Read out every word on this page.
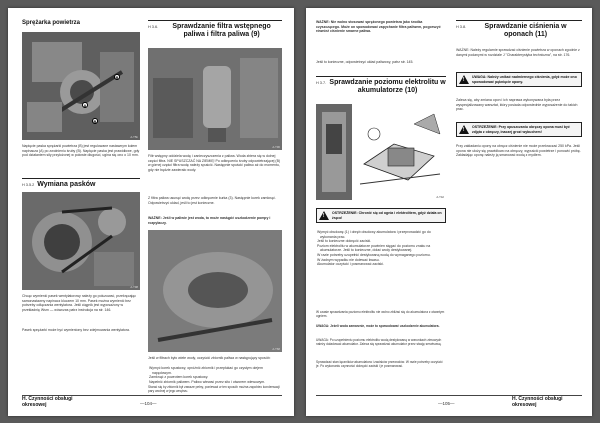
Sprężarka powietrza
B
A
B
A-T5b
Napięcie paska sprężarki powietrza (B) jest regulowane nastawnym kołem napinacza (A) po zwolnieniu śruby (B). Napięcie paska jest prawidłowe, gdy pod działaniem siły przyłożonej w połowie długości, ugina się ono o 10 mm.
H 3.5.2 Wymiana pasków
A-T98
Chcąc wymienić pasek wentylatorowy należy go poluzować, przekręcając samonastawny napinacz kluczem 10 mm. Pasek można wymienić bez potrzeby odłączania wentylatora. Jeśli ciągnik jest wyposażony w przekładnię Wsm — wówczas patrz instrukcja na str. 146.
Pasek sprężarki może być wymieniony bez zdejmowania wentylatora.
H 3.6.	Sprawdzanie filtra wstępnego paliwa i filtra paliwa (9)
A-T96
Filtr wstępny oddziela wodę i zanieczyszczenia z paliwa. Woda zbiera się w dolnej części filtra. NIE SPUSZCZAĆ NA ZIEMIĘ! Po odkręceniu śruby odpowietrzającej (B) w górnej części filtra wodę należy spuścić. Następnie spuścić paliwo aż do momentu, gdy nie będzie zawierało wody.
Z filtra paliwa usunąć wodę przez odkręcenie kurka (3). Następnie kurek zamknąć. Odpowietrzyć układ, jeśli to jest konieczne.
WAŻNE: Jeśli w paliwie jest woda, to może nastąpić uszkodzenie pompy i rozpylaczy.
A-T68
Jeśli w filtrach było wiele wody, oczyścić zbiornik paliwa w następujący sposób:
Wymyć korek spustowy, opróżnić zbiornik i przepłukać go czystym olejem napędowym.
Zamknąć z powrotem korek spustowy.
Napełnić zbiornik paliwem. Paliwo wlewać przez sito i otworem wlewowym.
Starać się by zbiornik był zawsze pełny, ponieważ w ten sposób można zapobiec kondensacji pary wodnej w jego wnętrzu.
H. Czynności obsługi okresowej	—104—
WAŻNE: Nie wolno stosować sprężonego powietrza jako środka czyszczącego. Może on spowodować zapychanie filtra paliwem, pogorszyć również ciśnienie smarne paliwa.
Jeśli to konieczne, odpowietrzyć układ paliwowy, patrz str. 145.
H 3.7. Sprawdzanie poziomu elektrolitu w akumulatorze (10)
A-T42
!
OSTRZEŻENIE: Chronić się od ognia i elektrolitem, gdyż działa on żrąco!
Wymyć obudowę (1) i obręb obudowy akumulatora i przeprowadzić go do wykonania prac.
Jeśli to konieczne dokręcić zaciski.
Poziom elektrolitu w akumulatorze powinien sięgać do poziomu znaku na akumulatorze. Jeśli to konieczne, dolać wody destylowanej.
W razie potrzeby uzupełnić destylowaną wodą do wymaganego poziomu.
W żadnym wypadku nie dolewać kwasu.
Akumulator oczyścić i posmarować zaciski.
W czasie sprawdzania poziomu elektrolitu nie wolno zbliżać się do akumulatora z otwartym ogniem.
UWAGA: Jeżeli woda zamarznie, może to spowodować uszkodzenie akumulatora.
UWAGA: Po uzupełnieniu poziomu elektrolitu wodą destylowaną w warunkach zimowych należy doładować akumulator. Zaleca się sprawdzać akumulator przez stację serwisową.
Sprawdzać stan łączników akumulatora i zacisków przewodów. W razie potrzeby oczyścić je. Po wykonaniu czynności dokręcić zaciski i je posmarować.
H 3.8.	Sprawdzanie ciśnienia w oponach (11)
WAŻNE: Należy regularnie sprawdzać ciśnienie powietrza w oponach zgodnie z danymi podanymi w rozdziale J "Charakterystyka techniczna", na str. 176.
!
UWAGA: Należy unikać nadmiernego ciśnienia, gdyż może ono spowodować pęknięcie opony.
Zaleca się, aby zmiana opon i ich naprawa wykonywana była przez wyspecjalizowany warsztat, który posiada odpowiednie wyposażenie do takich prac.
!
OSTRZEŻENIE: Przy opuszczaniu obręczy opona musi być zdjęta z obręczy, inaczej grozi wybuchem!
Przy zakładaniu opony na obręcz ciśnienie nie może przekraczać 250 kPa. Jeśli opona nie ułoży się prawidłowo na obręczy, wypuścić powietrze i ponowić próbę. Zakładając oponę należy ją smarować wodą z mydłem.
—105—
H. Czynności obsługi okresowej
